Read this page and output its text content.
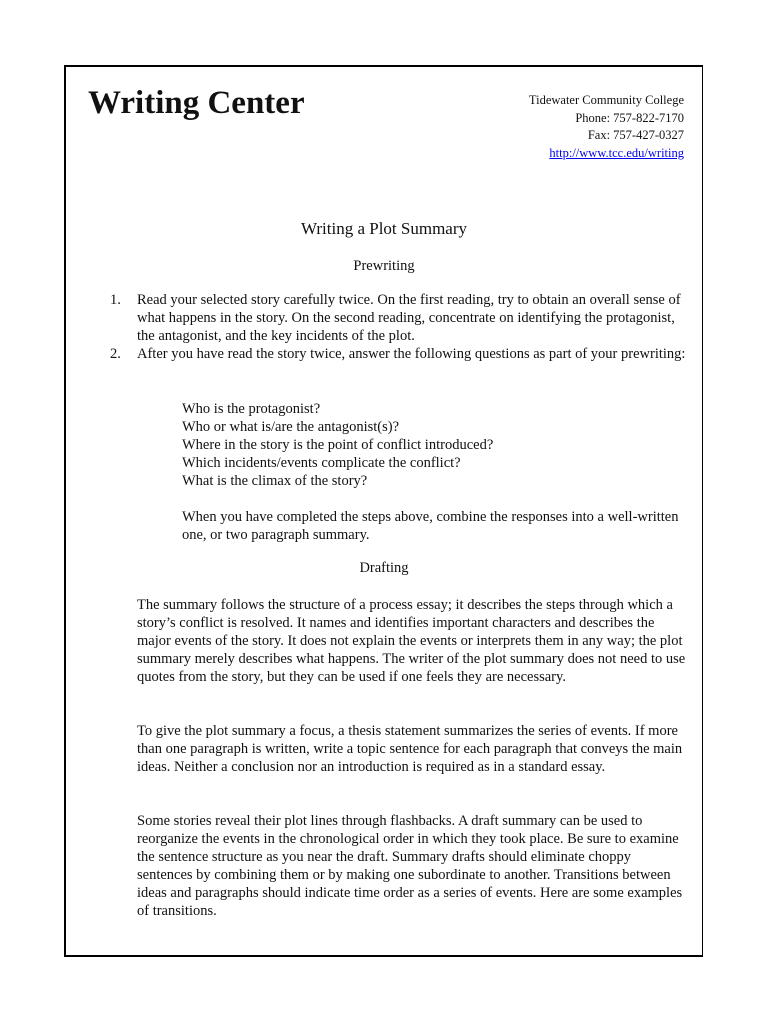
Writing Center	Tidewater Community College
Phone: 757-822-7170
Fax: 757-427-0327
http://www.tcc.edu/writing
Writing a Plot Summary
Prewriting
1. Read your selected story carefully twice. On the first reading, try to obtain an overall sense of what happens in the story. On the second reading, concentrate on identifying the protagonist, the antagonist, and the key incidents of the plot.
2. After you have read the story twice, answer the following questions as part of your prewriting:
Who is the protagonist?
Who or what is/are the antagonist(s)?
Where in the story is the point of conflict introduced?
Which incidents/events complicate the conflict?
What is the climax of the story?

When you have completed the steps above, combine the responses into a well-written one, or two paragraph summary.

Drafting

The summary follows the structure of a process essay; it describes the steps through which a story’s conflict is resolved. It names and identifies important characters and describes the major events of the story. It does not explain the events or interprets them in any way; the plot summary merely describes what happens. The writer of the plot summary does not need to use quotes from the story, but they can be used if one feels they are necessary.

To give the plot summary a focus, a thesis statement summarizes the series of events. If more than one paragraph is written, write a topic sentence for each paragraph that conveys the main ideas. Neither a conclusion nor an introduction is required as in a standard essay.

Some stories reveal their plot lines through flashbacks. A draft summary can be used to reorganize the events in the chronological order in which they took place. Be sure to examine the sentence structure as you near the draft. Summary drafts should eliminate choppy sentences by combining them or by making one subordinate to another. Transitions between ideas and paragraphs should indicate time order as a series of events. Here are some examples of transitions.
